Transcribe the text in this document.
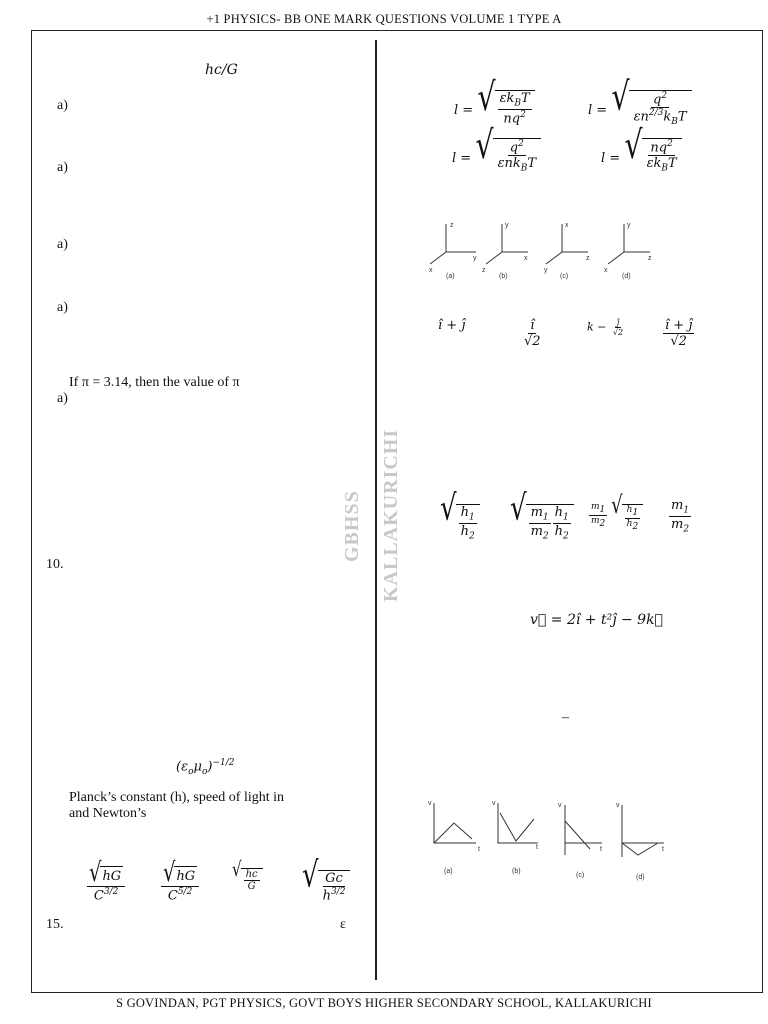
+1 PHYSICS- BB ONE MARK QUESTIONS VOLUME 1 TYPE A
GBHSS KALLAKURICHI
hc/G
a)
a)
a)
a)
If π = 3.14, then the value of π
a)
10.
$(\varepsilon_o\mu_o)^{-1/2}$
Planck’s constant (h), speed of light in
and Newton’s
$\frac{√ hG}{C^{3/2}} \frac{√ hG}{C^{5/2}}$ √ $\frac{hc}{G}$ √ $\frac{Gc}{h^{3/2}}$
15.	ε
l = √ $\frac{\varepsilon k_BT}{nq^2}$	l = √ $\frac{q^2}{\varepsilon n^{2/3}k_BT}$
l = √ $\frac{q^2}{\varepsilon nk_BT}$	l = √ $\frac{nq^2}{\varepsilon k_BT}$
z
y
x
(a)
y
x
z
(b)
x
z
y
(c)
y
z
x
(d)
î + ĵ	$\frac{î}{√2}$	$k - \frac{ĵ}{√2}$	$\frac{î + ĵ}{√2}$
√ $\frac{h_1}{h_2}$ √ $\frac{m_1}{m_2} \frac{h_1}{h_2} \frac{m_1}{m_2}$
√ $\frac{h_1}{h_2} \frac{m_1}{m_2}$
v⃗ = 2î + t²ĵ − 9k⃗
–
v
t
(a)
v
t
(b)
v
t
(c)
v
t
(d)
S GOVINDAN, PGT PHYSICS, GOVT BOYS HIGHER SECONDARY SCHOOL, KALLAKURICHI
